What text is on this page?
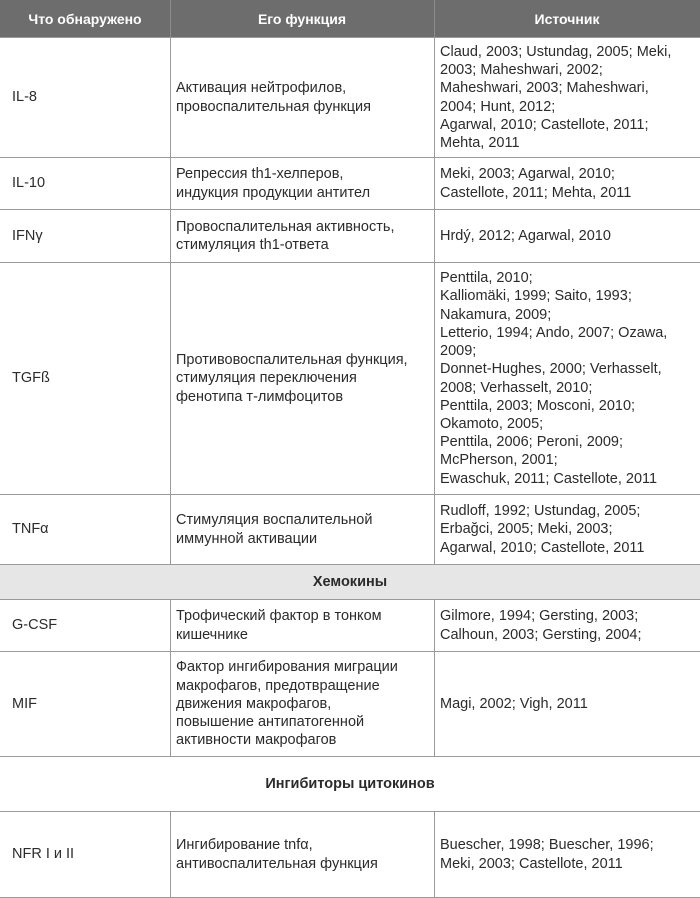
Что обнаружено	Его функция	Источник
IL-8
Активация нейтрофилов,
провоспалительная функция
Claud, 2003; Ustundag, 2005; Meki,
2003; Maheshwari, 2002;
Maheshwari, 2003; Maheshwari,
2004; Hunt, 2012;
Agarwal, 2010; Castellote, 2011;
Mehta, 2011
IL-10
Репрессия th1-хелперов,
индукция продукции антител
Meki, 2003; Agarwal, 2010;
Castellote, 2011; Mehta, 2011
IFNγ
Провоспалительная активность,
стимуляция th1-ответа
Hrdý, 2012; Agarwal, 2010
TGFß
Противовоспалительная функция,
стимуляция переключения
фенотипа т-лимфоцитов
Penttila, 2010;
Kalliomäki, 1999; Saito, 1993;
Nakamura, 2009;
Letterio, 1994; Ando, 2007; Ozawa,
2009;
Donnet-Hughes, 2000; Verhasselt,
2008; Verhasselt, 2010;
Penttila, 2003; Mosconi, 2010;
Okamoto, 2005;
Penttila, 2006; Peroni, 2009;
McPherson, 2001;
Ewaschuk, 2011; Castellote, 2011
TNFα
Стимуляция воспалительной
иммунной активации
Rudloff, 1992; Ustundag, 2005;
Erbağci, 2005; Meki, 2003;
Agarwal, 2010; Castellote, 2011
Хемокины
G-CSF
Трофический фактор в тонком
кишечнике
Gilmore, 1994; Gersting, 2003;
Calhoun, 2003; Gersting, 2004;
MIF
Фактор ингибирования миграции
макрофагов, предотвращение
движения макрофагов,
повышение антипатогенной
активности макрофагов
Magi, 2002; Vigh, 2011
Ингибиторы цитокинов
NFR I и II
Ингибирование tnfα,
антивоспалительная функция
Buescher, 1998; Buescher, 1996;
Meki, 2003; Castellote, 2011
